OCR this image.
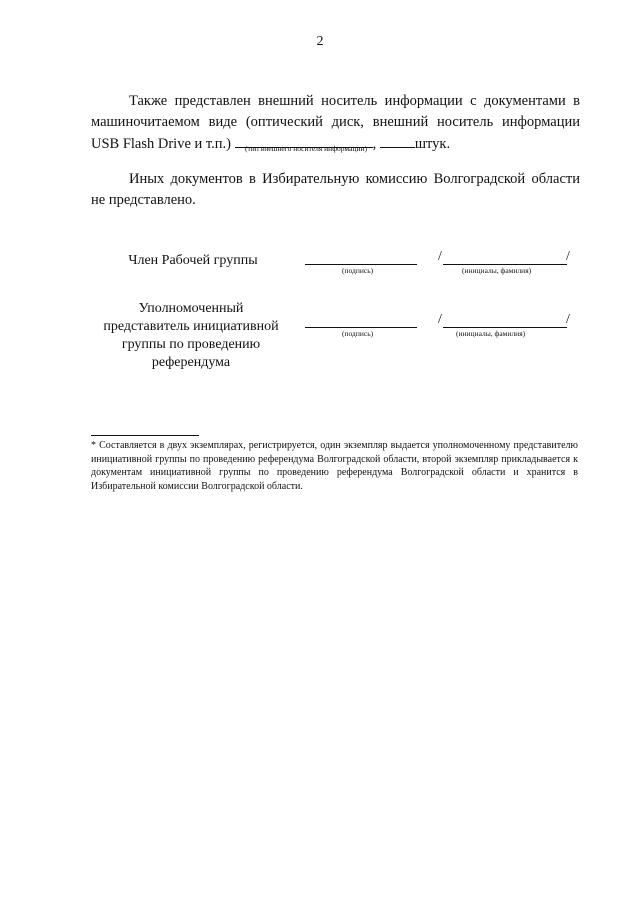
2
Также представлен внешний носитель информации с документами в машиночитаемом виде (оптический диск, внешний носитель информации USB Flash Drive и т.п.)	, штук.
(тип внешнего носителя информации)
Иных документов в Избирательную комиссию Волгоградской области не представлено.
Член Рабочей группы
(подпись)
/	/
(инициалы, фамилия)
Уполномоченный представитель инициативной группы по проведению референдума
(подпись)
/	/
(инициалы, фамилия)
* Составляется в двух экземплярах, регистрируется, один экземпляр выдается уполномоченному представителю инициативной группы по проведению референдума Волгоградской области, второй экземпляр прикладывается к документам инициативной группы по проведению референдума Волгоградской области и хранится в Избирательной комиссии Волгоградской области.
